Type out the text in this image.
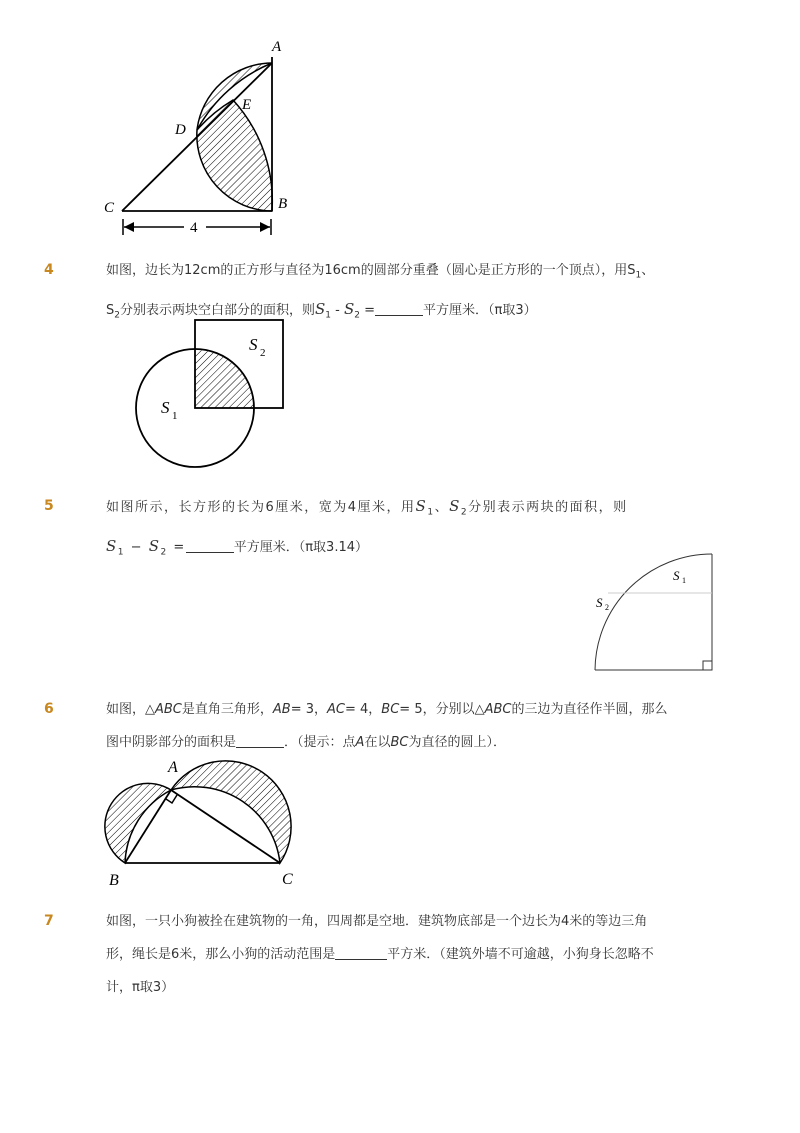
4
A
B
C
D
E
4	如图，边长为12cm的正方形与直径为16cm的圆部分重叠（圆心是正方形的一个顶点），用$S_1$、
$S_2$分别表示两块空白部分的面积，则$S_1 - S_2$ =	平方厘米．（π取3）
S 2
S 1
5	如图所示，长方形的长为6厘米，宽为4厘米，用$S_1$、$S_2$分别表示两块的面积，则
$S_1 - S_2$ =	平方厘米．（π取3.14）
S 1
S 2
6	如图，△ABC是直角三角形，AB= 3，AC= 4，BC= 5，分别以△ABC的三边为直径作半圆，那么
图中阴影部分的面积是	．（提示：点A在以BC为直径的圆上）．
A
B	C
7	如图，一只小狗被拴在建筑物的一角，四周都是空地．建筑物底部是一个边长为4米的等边三角
形，绳长是6米，那么小狗的活动范围是	平方米．（建筑外墙不可逾越，小狗身长忽略不
计，π取3）
